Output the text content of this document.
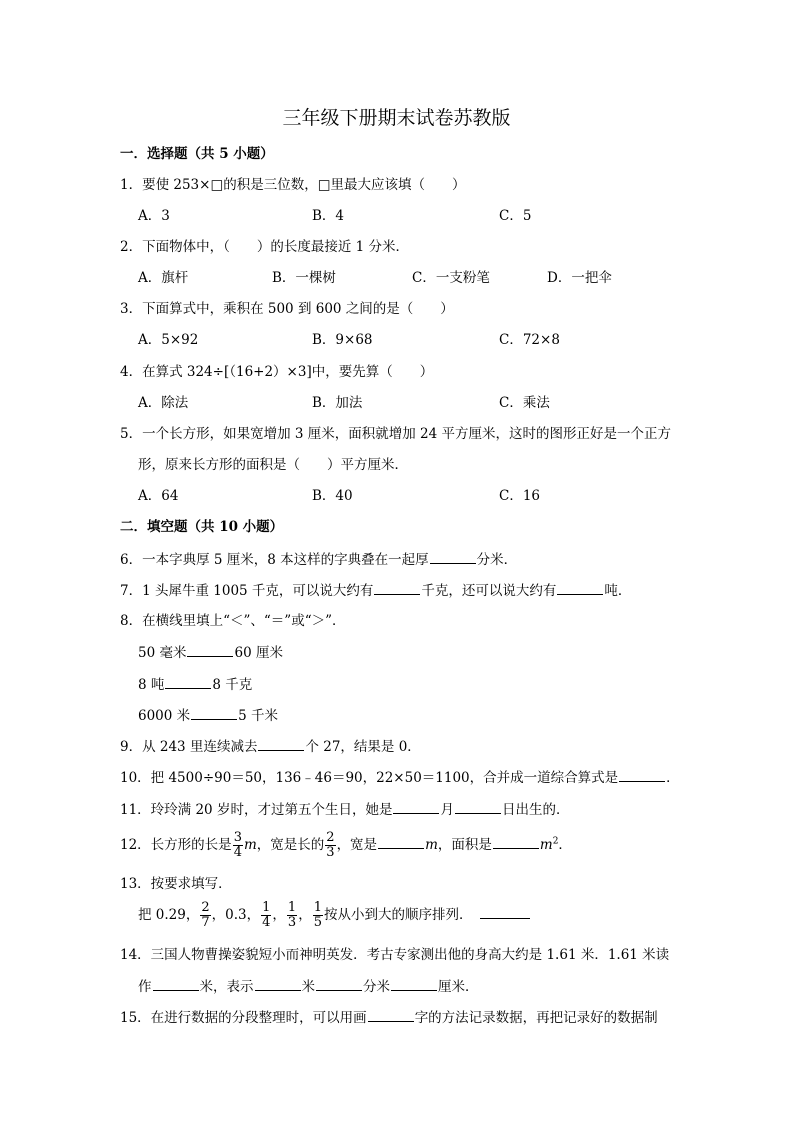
三年级下册期末试卷苏教版
一．选择题（共 5 小题）
1．要使 253×□的积是三位数，□里最大应该填（　　）
A．3	B．4	C．5
2．下面物体中，（　　）的长度最接近 1 分米．
A．旗杆	B．一棵树	C．一支粉笔	D．一把伞
3．下面算式中，乘积在 500 到 600 之间的是（　　）
A．5×92	B．9×68	C．72×8
4．在算式 324÷[（16+2）×3]中，要先算（　　）
A．除法	B．加法	C．乘法
5．一个长方形，如果宽增加 3 厘米，面积就增加 24 平方厘米，这时的图形正好是一个正方
形，原来长方形的面积是（　　）平方厘米．
A．64	B．40	C．16
二．填空题（共 10 小题）
6．一本字典厚 5 厘米，8 本这样的字典叠在一起厚	分米．
7．1 头犀牛重 1005 千克，可以说大约有	千克，还可以说大约有	吨．
8．在横线里填上“＜”、“＝”或“＞”．
50 毫米	60 厘米
8 吨	8 千克
6000 米	5 千米
9．从 243 里连续减去	个 27，结果是 0．
10．把 4500÷90＝50，136﹣46＝90，22×50＝1100，合并成一道综合算式是	．
11．玲玲满 20 岁时，才过第五个生日，她是	月	日出生的．
12．长方形的长是 $\frac{3}{4}$ m，宽是长的 $\frac{2}{3}$ ，宽是	m，面积是	$m^2$．
13．按要求填写．
把 0.29， $\frac{2}{7}$ ，0.3， $\frac{1}{4}$ ， $\frac{1}{3}$ ， $\frac{1}{5}$ 按从小到大的顺序排列．
14．三国人物曹操姿貌短小而神明英发．考古专家测出他的身高大约是 1.61 米．1.61 米读
作	米，表示	米	分米	厘米．
15．在进行数据的分段整理时，可以用画	字的方法记录数据，再把记录好的数据制
